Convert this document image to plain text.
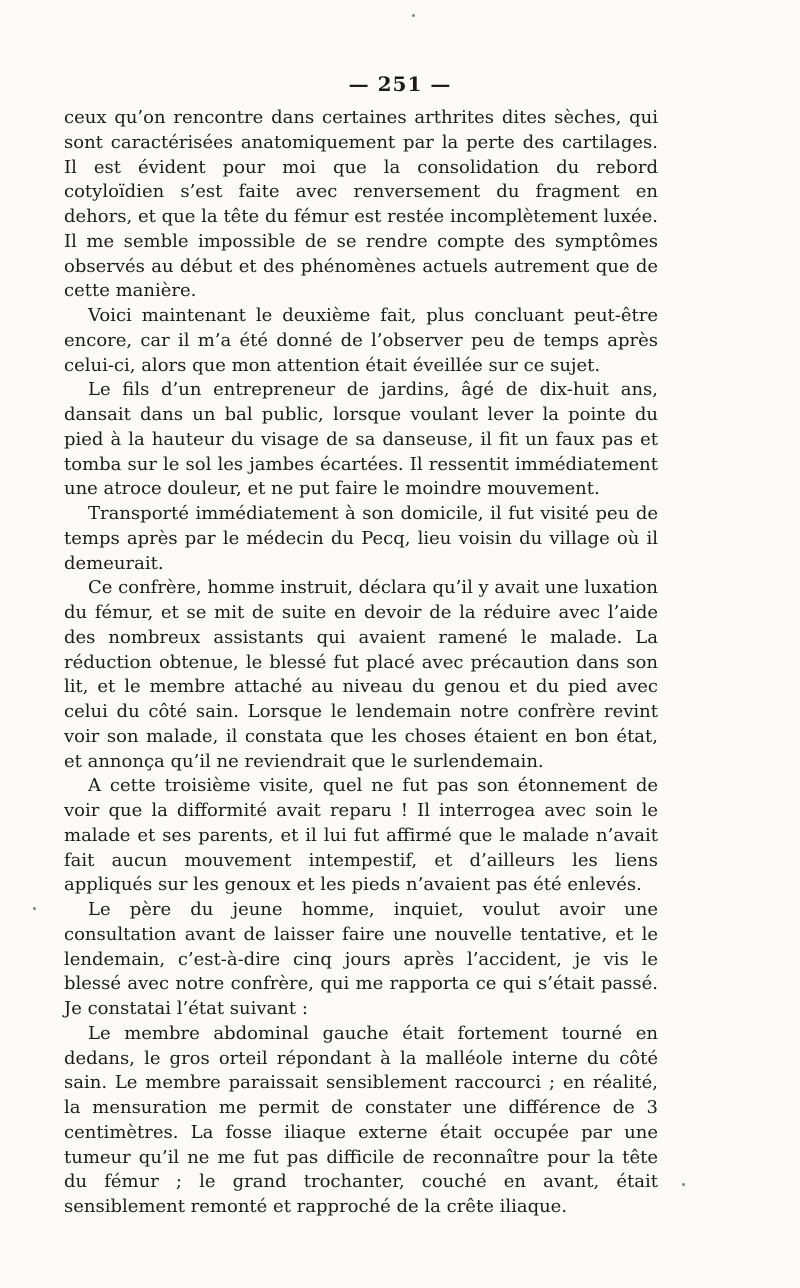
— 251 —

ceux qu’on rencontre dans certaines arthrites dites sèches, qui sont caractérisées anatomiquement par la perte des cartilages. Il est évident pour moi que la consolidation du rebord cotyloïdien s’est faite avec renversement du fragment en dehors, et que la tête du fémur est restée incomplètement luxée. Il me semble impossible de se rendre compte des symptômes observés au début et des phénomènes actuels autrement que de cette manière.

Voici maintenant le deuxième fait, plus concluant peut-être encore, car il m’a été donné de l’observer peu de temps après celui-ci, alors que mon attention était éveillée sur ce sujet.

Le fils d’un entrepreneur de jardins, âgé de dix-huit ans, dansait dans un bal public, lorsque voulant lever la pointe du pied à la hauteur du visage de sa danseuse, il fit un faux pas et tomba sur le sol les jambes écartées. Il ressentit immédiatement une atroce douleur, et ne put faire le moindre mouvement.

Transporté immédiatement à son domicile, il fut visité peu de temps après par le médecin du Pecq, lieu voisin du village où il demeurait.

Ce confrère, homme instruit, déclara qu’il y avait une luxation du fémur, et se mit de suite en devoir de la réduire avec l’aide des nombreux assistants qui avaient ramené le malade. La réduction obtenue, le blessé fut placé avec précaution dans son lit, et le membre attaché au niveau du genou et du pied avec celui du côté sain. Lorsque le lendemain notre confrère revint voir son malade, il constata que les choses étaient en bon état, et annonça qu’il ne reviendrait que le surlendemain.

A cette troisième visite, quel ne fut pas son étonnement de voir que la difformité avait reparu ! Il interrogea avec soin le malade et ses parents, et il lui fut affirmé que le malade n’avait fait aucun mouvement intempestif, et d’ailleurs les liens appliqués sur les genoux et les pieds n’avaient pas été enlevés.

Le père du jeune homme, inquiet, voulut avoir une consultation avant de laisser faire une nouvelle tentative, et le lendemain, c’est-à-dire cinq jours après l’accident, je vis le blessé avec notre confrère, qui me rapporta ce qui s’était passé. Je constatai l’état suivant :

Le membre abdominal gauche était fortement tourné en dedans, le gros orteil répondant à la malléole interne du côté sain. Le membre paraissait sensiblement raccourci ; en réalité, la mensuration me permit de constater une différence de 3 centimètres. La fosse iliaque externe était occupée par une tumeur qu’il ne me fut pas difficile de reconnaître pour la tête du fémur ; le grand trochanter, couché en avant, était sensiblement remonté et rapproché de la crête iliaque.
